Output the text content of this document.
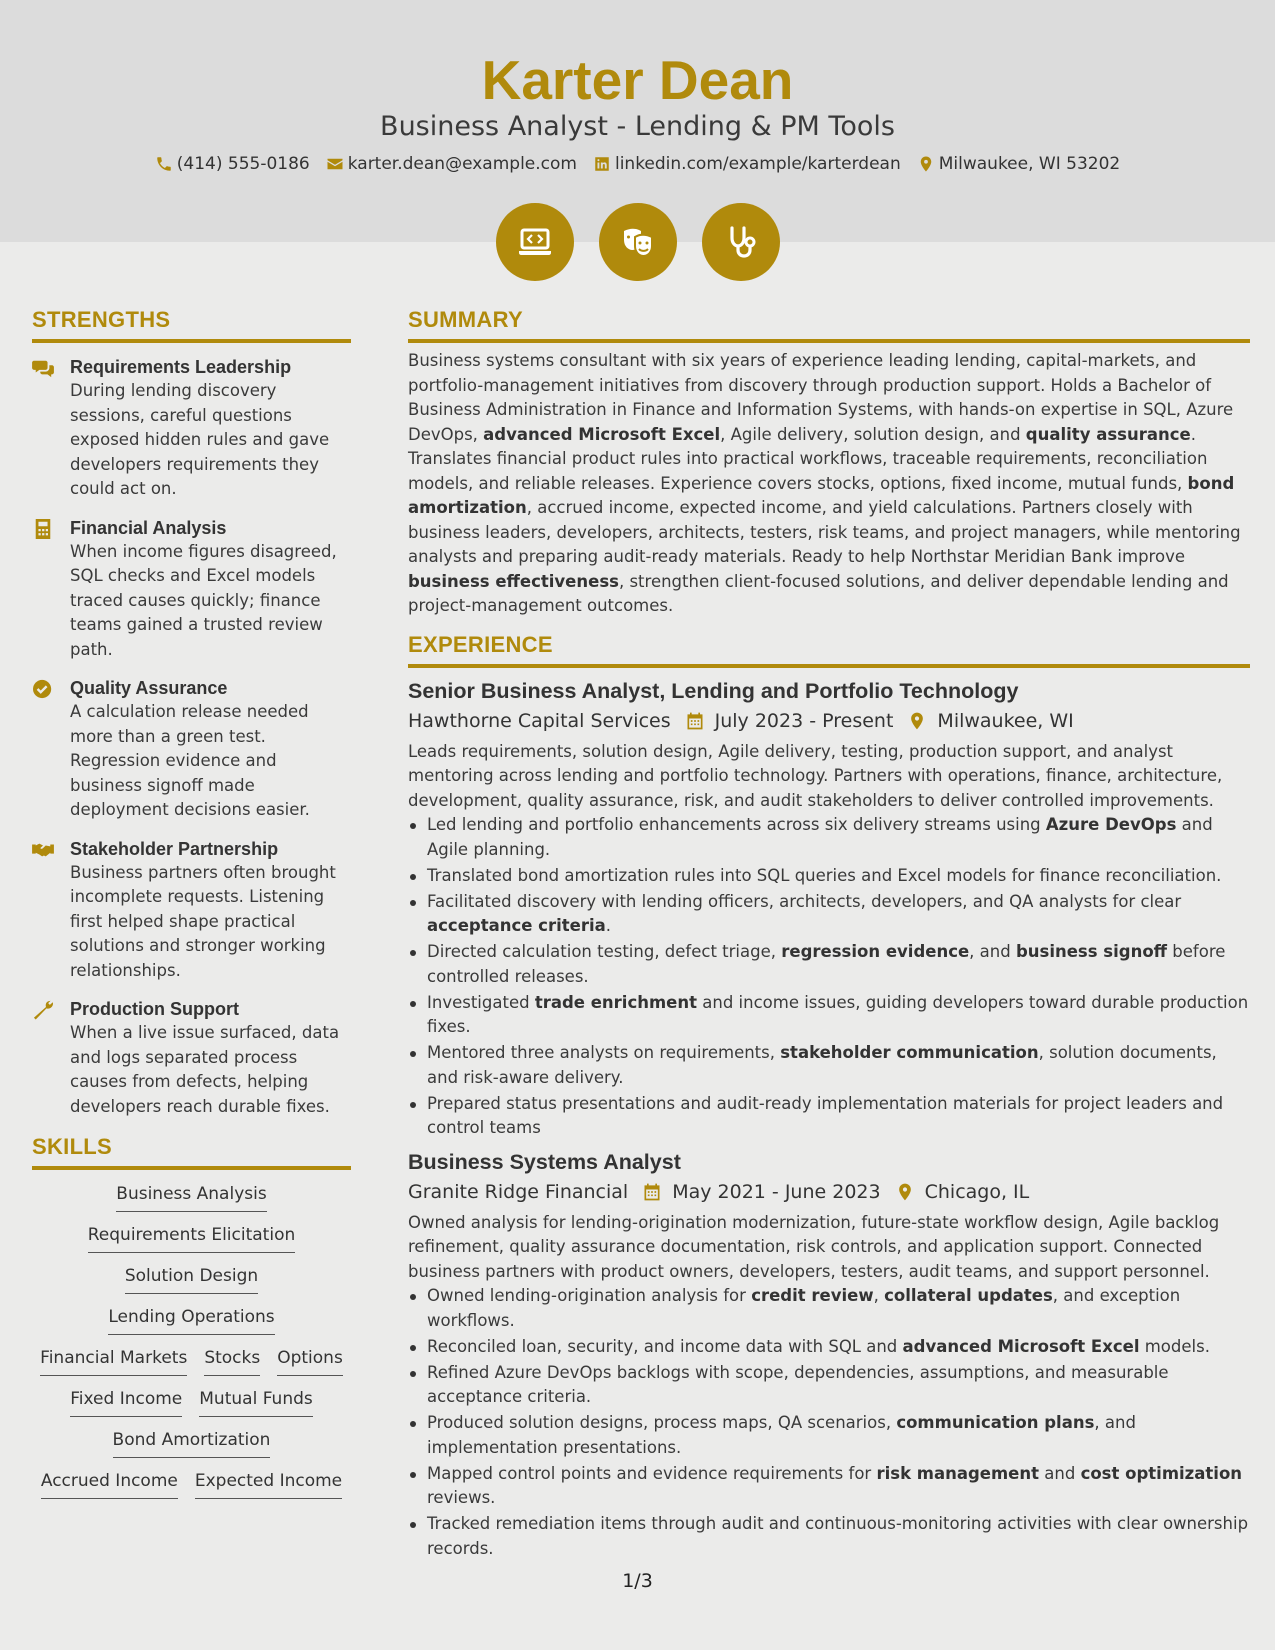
Karter Dean
Business Analyst - Lending & PM Tools
(414) 555-0186 karter.dean@example.com linkedin.com/example/karterdean Milwaukee, WI 53202
STRENGTHS
Requirements Leadership
During lending discovery sessions, careful questions exposed hidden rules and gave developers requirements they could act on.
Financial Analysis
When income figures disagreed, SQL checks and Excel models traced causes quickly; finance teams gained a trusted review path.
Quality Assurance
A calculation release needed more than a green test. Regression evidence and business signoff made deployment decisions easier.
Stakeholder Partnership
Business partners often brought incomplete requests. Listening first helped shape practical solutions and stronger working relationships.
Production Support
When a live issue surfaced, data and logs separated process causes from defects, helping developers reach durable fixes.
SKILLS
Business Analysis
Requirements Elicitation
Solution Design
Lending Operations
Financial Markets Stocks Options
Fixed Income Mutual Funds
Bond Amortization
Accrued Income Expected Income
SUMMARY
Business systems consultant with six years of experience leading lending, capital-markets, and portfolio-management initiatives from discovery through production support. Holds a Bachelor of Business Administration in Finance and Information Systems, with hands-on expertise in SQL, Azure DevOps, advanced Microsoft Excel, Agile delivery, solution design, and quality assurance. Translates financial product rules into practical workflows, traceable requirements, reconciliation models, and reliable releases. Experience covers stocks, options, fixed income, mutual funds, bond amortization, accrued income, expected income, and yield calculations. Partners closely with business leaders, developers, architects, testers, risk teams, and project managers, while mentoring analysts and preparing audit-ready materials. Ready to help Northstar Meridian Bank improve business effectiveness, strengthen client-focused solutions, and deliver dependable lending and project-management outcomes.
EXPERIENCE
Senior Business Analyst, Lending and Portfolio Technology
Hawthorne Capital Services July 2023 - Present Milwaukee, WI
Leads requirements, solution design, Agile delivery, testing, production support, and analyst mentoring across lending and portfolio technology. Partners with operations, finance, architecture, development, quality assurance, risk, and audit stakeholders to deliver controlled improvements.
Led lending and portfolio enhancements across six delivery streams using Azure DevOps and Agile planning.
Translated bond amortization rules into SQL queries and Excel models for finance reconciliation.
Facilitated discovery with lending officers, architects, developers, and QA analysts for clear acceptance criteria.
Directed calculation testing, defect triage, regression evidence, and business signoff before controlled releases.
Investigated trade enrichment and income issues, guiding developers toward durable production fixes.
Mentored three analysts on requirements, stakeholder communication, solution documents, and risk-aware delivery.
Prepared status presentations and audit-ready implementation materials for project leaders and control teams
Business Systems Analyst
Granite Ridge Financial May 2021 - June 2023 Chicago, IL
Owned analysis for lending-origination modernization, future-state workflow design, Agile backlog refinement, quality assurance documentation, risk controls, and application support. Connected business partners with product owners, developers, testers, audit teams, and support personnel.
Owned lending-origination analysis for credit review, collateral updates, and exception workflows.
Reconciled loan, security, and income data with SQL and advanced Microsoft Excel models.
Refined Azure DevOps backlogs with scope, dependencies, assumptions, and measurable acceptance criteria.
Produced solution designs, process maps, QA scenarios, communication plans, and implementation presentations.
Mapped control points and evidence requirements for risk management and cost optimization reviews.
Tracked remediation items through audit and continuous-monitoring activities with clear ownership records.
1/3
